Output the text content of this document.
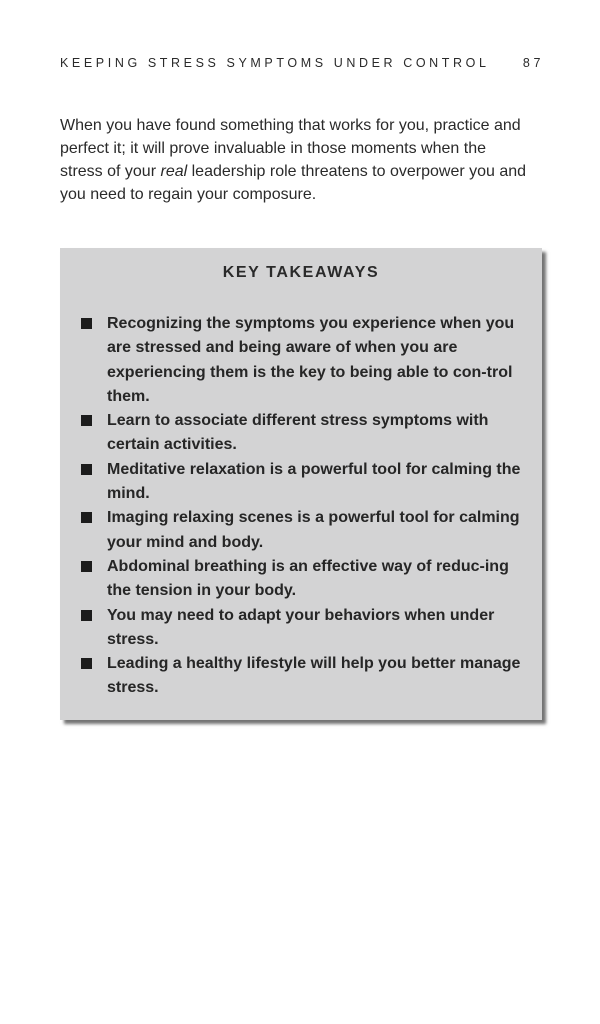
KEEPING STRESS SYMPTOMS UNDER CONTROL	87

When you have found something that works for you, practice and perfect it; it will prove invaluable in those moments when the stress of your real leadership role threatens to overpower you and you need to regain your composure.

KEY TAKEAWAYS
Recognizing the symptoms you experience when you are stressed and being aware of when you are experiencing them is the key to being able to con-trol them.
Learn to associate different stress symptoms with certain activities.
Meditative relaxation is a powerful tool for calming the mind.
Imaging relaxing scenes is a powerful tool for calming your mind and body.
Abdominal breathing is an effective way of reduc-ing the tension in your body.
You may need to adapt your behaviors when under stress.
Leading a healthy lifestyle will help you better manage stress.
